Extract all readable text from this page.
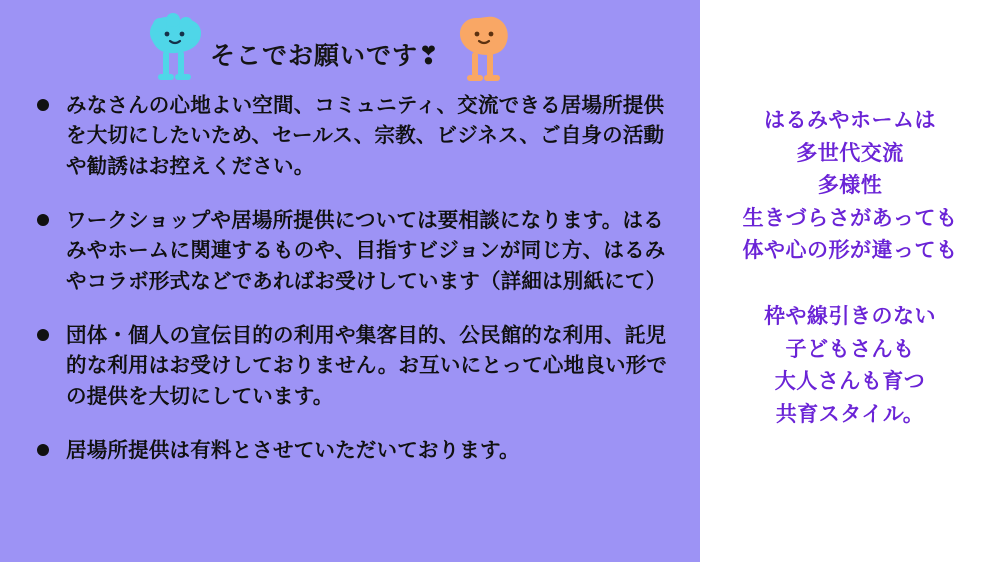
そこでお願いです❣

みなさんの心地よい空間、コミュニティ、交流できる居場所提供を大切にしたいため、セールス、宗教、ビジネス、ご自身の活動や勧誘はお控えください。

ワークショップや居場所提供については要相談になります。はるみやホームに関連するものや、目指すビジョンが同じ方、はるみやコラボ形式などであればお受けしています（詳細は別紙にて）

団体・個人の宣伝目的の利用や集客目的、公民館的な利用、託児的な利用はお受けしておりません。お互いにとって心地良い形での提供を大切にしています。

居場所提供は有料とさせていただいております。

はるみやホームは
多世代交流
多様性
生きづらさがあっても
体や心の形が違っても
枠や線引きのない
子どもさんも
大人さんも育つ
共育スタイル。
